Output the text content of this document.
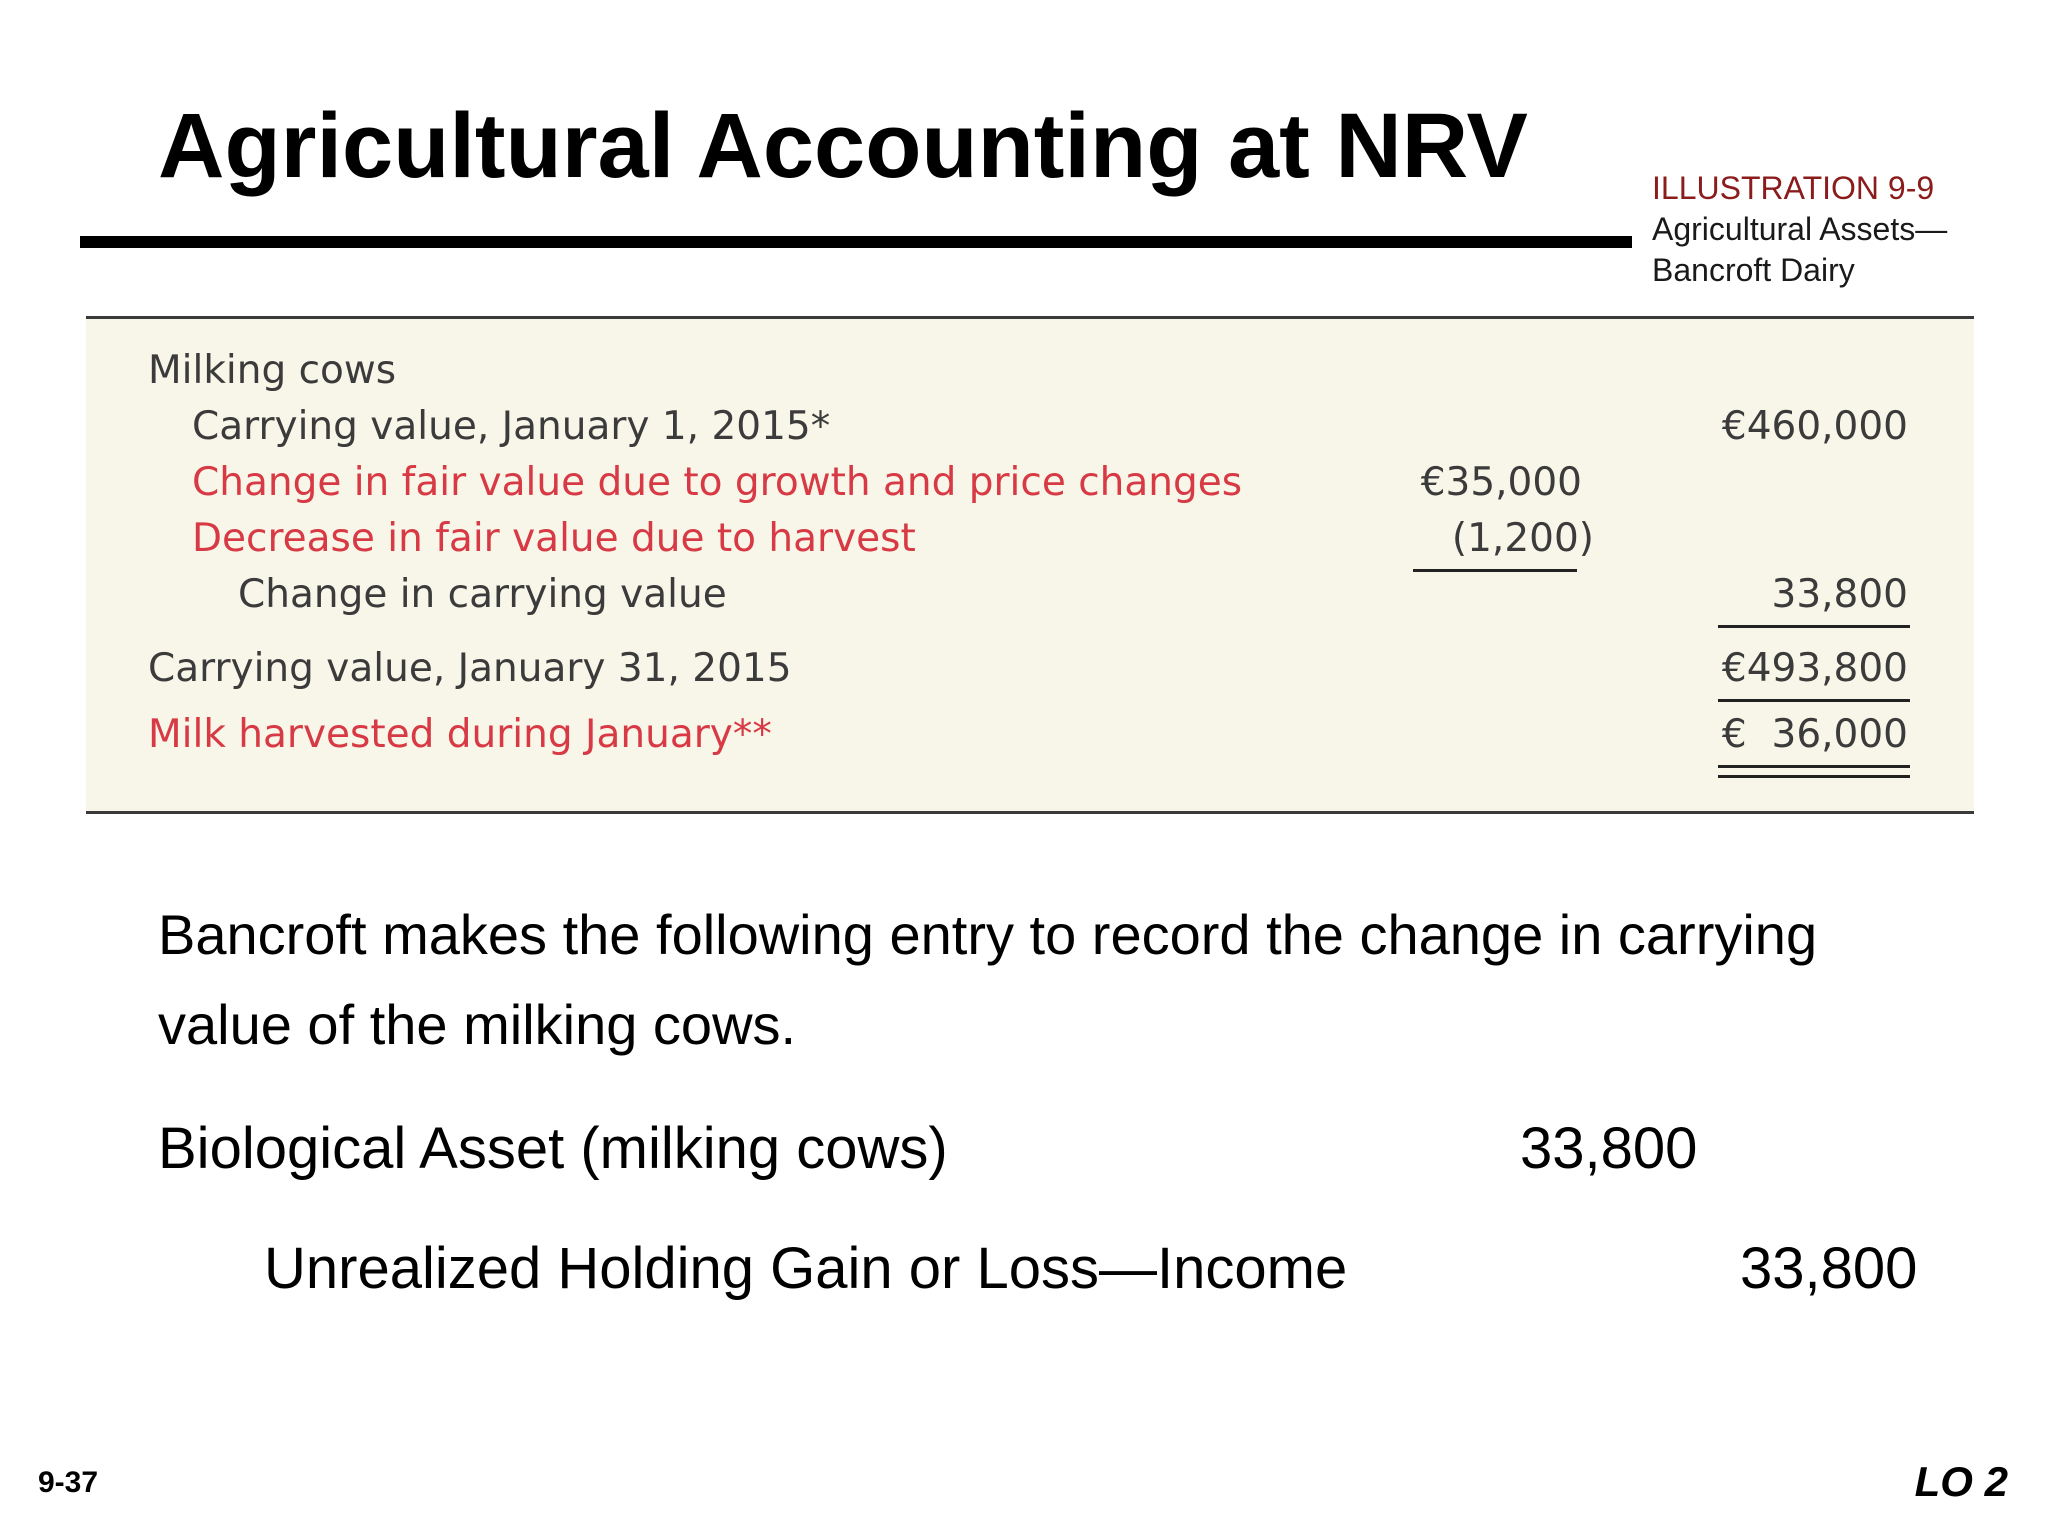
Agricultural Accounting at NRV	ILLUSTRATION 9-9
Agricultural Assets—
Bancroft Dairy
Milking cows
Carrying value, January 1, 2015*	€460,000
Change in fair value due to growth and price changes	€35,000
Decrease in fair value due to harvest	(1,200)
Change in carrying value	33,800
Carrying value, January 31, 2015	€493,800
Milk harvested during January**	€  36,000
Bancroft makes the following entry to record the change in carrying value of the milking cows.
Biological Asset (milking cows)	33,800
Unrealized Holding Gain or Loss—Income	33,800
9-37	LO 2
